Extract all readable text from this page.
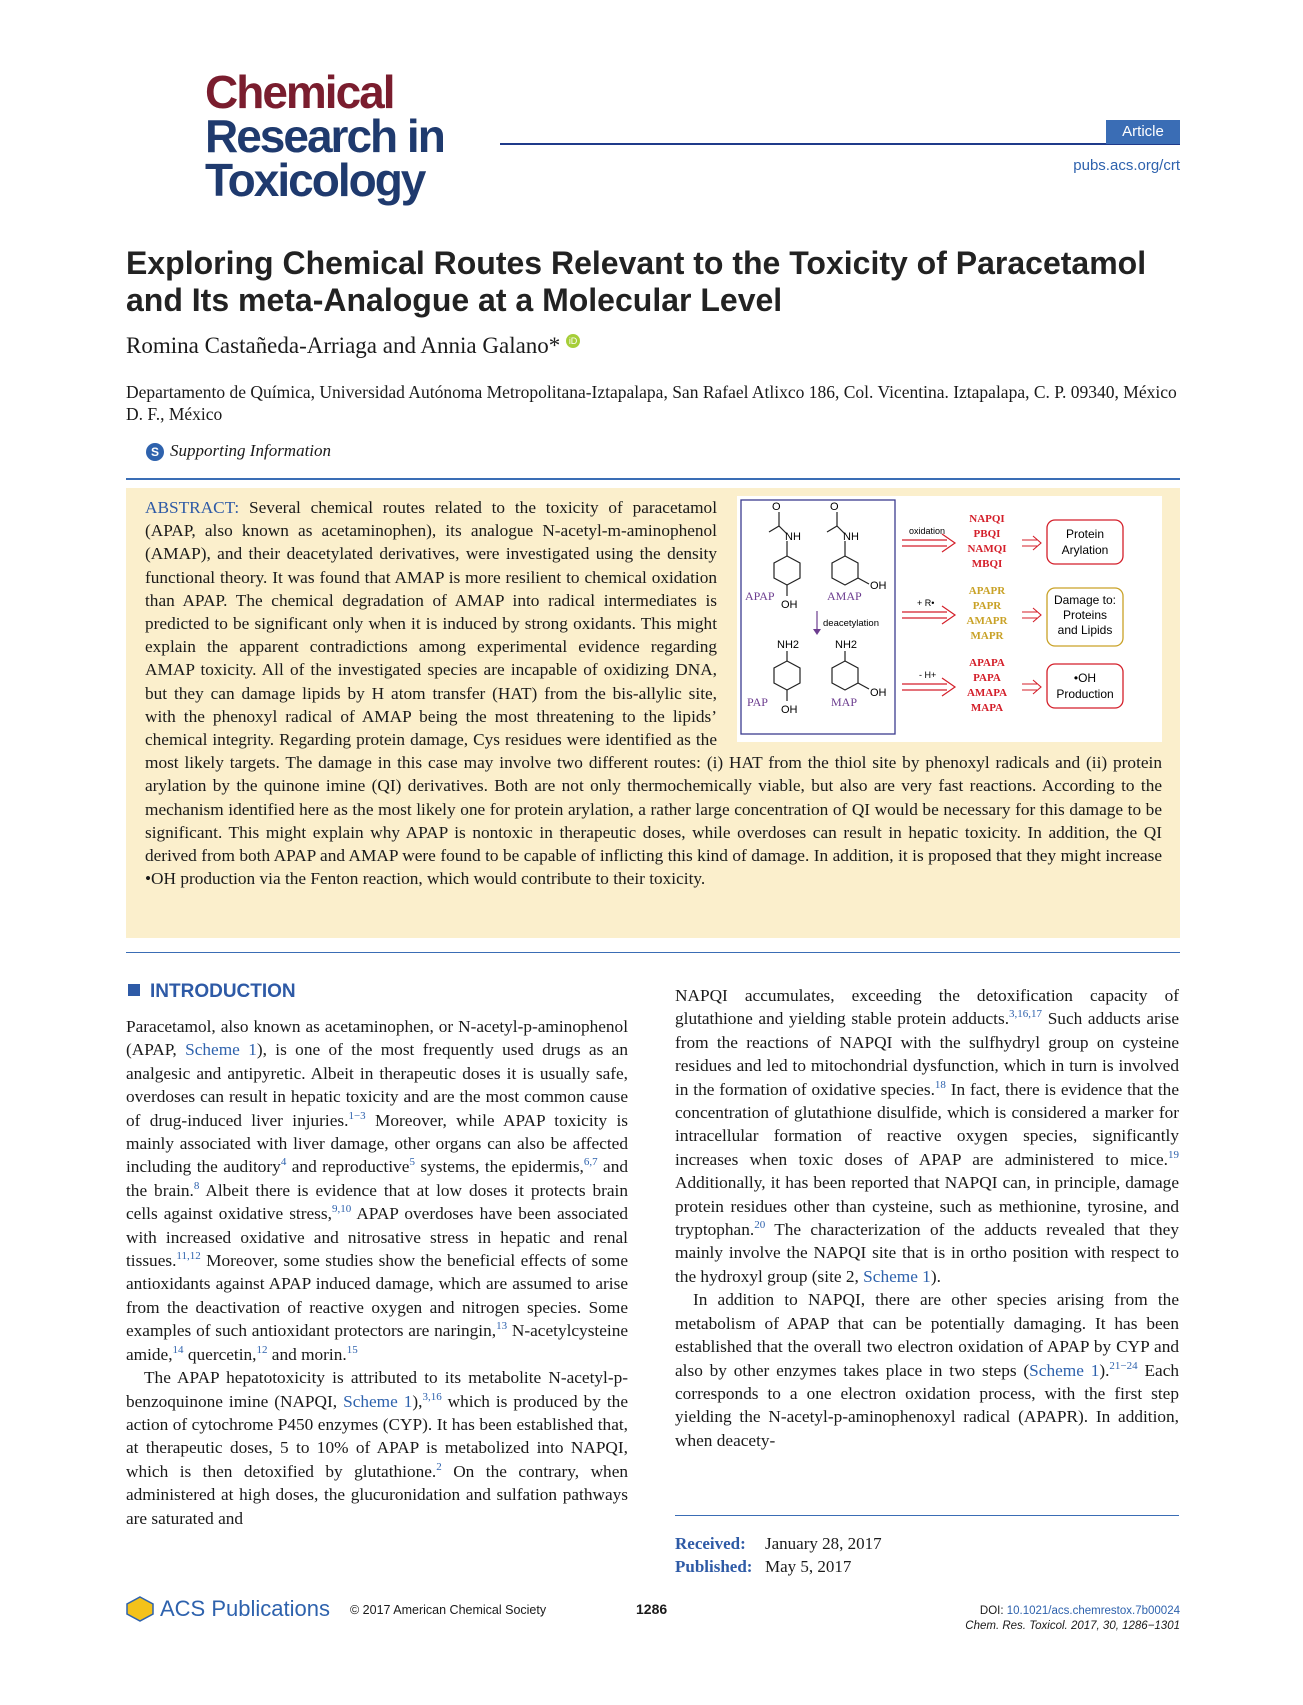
Chemical
Research in
Toxicology
Article
pubs.acs.org/crt
Exploring Chemical Routes Relevant to the Toxicity of Paracetamol and Its meta-Analogue at a Molecular Level
Romina Castañeda-Arriaga and Annia Galano* iD
Departamento de Química, Universidad Autónoma Metropolitana-Iztapalapa, San Rafael Atlixco 186, Col. Vicentina. Iztapalapa, C. P. 09340, México D. F., México
S Supporting Information
O
NH
OH
APAP
O
NH
OH
AMAP
deacetylation
NH2
OH
PAP
NH2
OH
MAP
oxidation
+ R•
- H+
NAPQI
PBQI
NAMQI
MBQI
APAPR
PAPR
AMAPR
MAPR
APAPA
PAPA
AMAPA
MAPA
Protein
Arylation
Damage to:
Proteins
and Lipids
•OH
Production
ABSTRACT: Several chemical routes related to the toxicity of paracetamol (APAP, also known as acetaminophen), its analogue N-acetyl-m-aminophenol (AMAP), and their deacetylated derivatives, were investigated using the density functional theory. It was found that AMAP is more resilient to chemical oxidation than APAP. The chemical degradation of AMAP into radical intermediates is predicted to be significant only when it is induced by strong oxidants. This might explain the apparent contradictions among experimental evidence regarding AMAP toxicity. All of the investigated species are incapable of oxidizing DNA, but they can damage lipids by H atom transfer (HAT) from the bis-allylic site, with the phenoxyl radical of AMAP being the most threatening to the lipids’ chemical integrity. Regarding protein damage, Cys residues were identified as the most likely targets. The damage in this case may involve two different routes: (i) HAT from the thiol site by phenoxyl radicals and (ii) protein arylation by the quinone imine (QI) derivatives. Both are not only thermochemically viable, but also are very fast reactions. According to the mechanism identified here as the most likely one for protein arylation, a rather large concentration of QI would be necessary for this damage to be significant. This might explain why APAP is nontoxic in therapeutic doses, while overdoses can result in hepatic toxicity. In addition, the QI derived from both APAP and AMAP were found to be capable of inflicting this kind of damage. In addition, it is proposed that they might increase •OH production via the Fenton reaction, which would contribute to their toxicity.
INTRODUCTION

Paracetamol, also known as acetaminophen, or N-acetyl-p-aminophenol (APAP, Scheme 1), is one of the most frequently used drugs as an analgesic and antipyretic. Albeit in therapeutic doses it is usually safe, overdoses can result in hepatic toxicity and are the most common cause of drug-induced liver injuries.$^{1-3}$ Moreover, while APAP toxicity is mainly associated with liver damage, other organs can also be affected including the auditory$^4$ and reproductive$^5$ systems, the epidermis,$^{6,7}$ and the brain.$^8$ Albeit there is evidence that at low doses it protects brain cells against oxidative stress,$^{9,10}$ APAP overdoses have been associated with increased oxidative and nitrosative stress in hepatic and renal tissues.$^{11,12}$ Moreover, some studies show the beneficial effects of some antioxidants against APAP induced damage, which are assumed to arise from the deactivation of reactive oxygen and nitrogen species. Some examples of such antioxidant protectors are naringin,$^{13}$ N-acetylcysteine amide,$^{14}$ quercetin,$^{12}$ and morin.$^{15}$

The APAP hepatotoxicity is attributed to its metabolite N-acetyl-p-benzoquinone imine (NAPQI, Scheme 1),$^{3,16}$ which is produced by the action of cytochrome P450 enzymes (CYP). It has been established that, at therapeutic doses, 5 to 10% of APAP is metabolized into NAPQI, which is then detoxified by glutathione.$^2$ On the contrary, when administered at high doses, the glucuronidation and sulfation pathways are saturated and

NAPQI accumulates, exceeding the detoxification capacity of glutathione and yielding stable protein adducts.$^{3,16,17}$ Such adducts arise from the reactions of NAPQI with the sulfhydryl group on cysteine residues and led to mitochondrial dysfunction, which in turn is involved in the formation of oxidative species.$^{18}$ In fact, there is evidence that the concentration of glutathione disulfide, which is considered a marker for intracellular formation of reactive oxygen species, significantly increases when toxic doses of APAP are administered to mice.$^{19}$ Additionally, it has been reported that NAPQI can, in principle, damage protein residues other than cysteine, such as methionine, tyrosine, and tryptophan.$^{20}$ The characterization of the adducts revealed that they mainly involve the NAPQI site that is in ortho position with respect to the hydroxyl group (site 2, Scheme 1).

In addition to NAPQI, there are other species arising from the metabolism of APAP that can be potentially damaging. It has been established that the overall two electron oxidation of APAP by CYP and also by other enzymes takes place in two steps (Scheme 1).$^{21-24}$ Each corresponds to a one electron oxidation process, with the first step yielding the N-acetyl-p-aminophenoxyl radical (APAPR). In addition, when deacety-

Received: January 28, 2017
Published: May 5, 2017
ACS Publications © 2017 American Chemical Society	1286	DOI: 10.1021/acs.chemrestox.7b00024
Chem. Res. Toxicol. 2017, 30, 1286−1301
